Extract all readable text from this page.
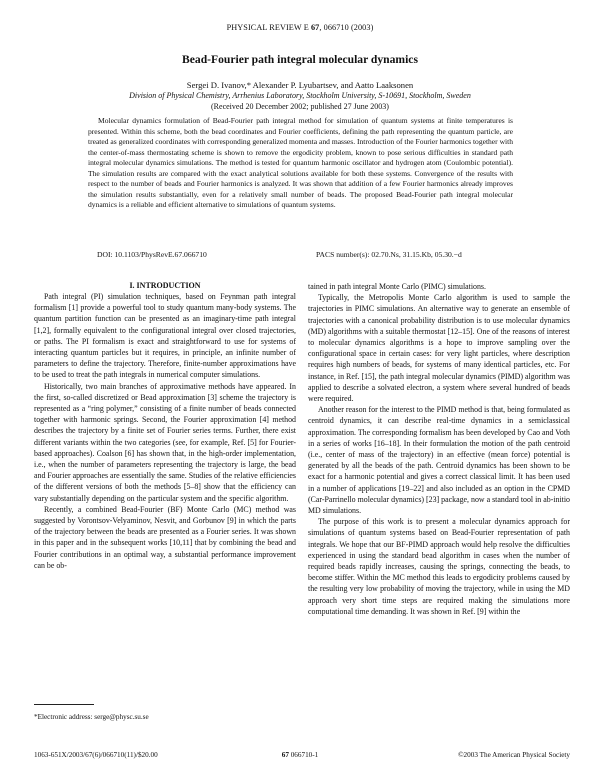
PHYSICAL REVIEW E 67, 066710 (2003)
Bead-Fourier path integral molecular dynamics
Sergei D. Ivanov,* Alexander P. Lyubartsev, and Aatto Laaksonen
Division of Physical Chemistry, Arrhenius Laboratory, Stockholm University, S-10691, Stockholm, Sweden
(Received 20 December 2002; published 27 June 2003)

Molecular dynamics formulation of Bead-Fourier path integral method for simulation of quantum systems at finite temperatures is presented. Within this scheme, both the bead coordinates and Fourier coefficients, defining the path representing the quantum particle, are treated as generalized coordinates with corresponding generalized momenta and masses. Introduction of the Fourier harmonics together with the center-of-mass thermostating scheme is shown to remove the ergodicity problem, known to pose serious difficulties in standard path integral molecular dynamics simulations. The method is tested for quantum harmonic oscillator and hydrogen atom (Coulombic potential). The simulation results are compared with the exact analytical solutions available for both these systems. Convergence of the results with respect to the number of beads and Fourier harmonics is analyzed. It was shown that addition of a few Fourier harmonics already improves the simulation results substantially, even for a relatively small number of beads. The proposed Bead-Fourier path integral molecular dynamics is a reliable and efficient alternative to simulations of quantum systems.

DOI: 10.1103/PhysRevE.67.066710	PACS number(s): 02.70.Ns, 31.15.Kb, 05.30.−d
I. INTRODUCTION

Path integral (PI) simulation techniques, based on Feynman path integral formalism [1] provide a powerful tool to study quantum many-body systems. The quantum partition function can be presented as an imaginary-time path integral [1,2], formally equivalent to the configurational integral over closed trajectories, or paths. The PI formalism is exact and straightforward to use for systems of interacting quantum particles but it requires, in principle, an infinite number of parameters to define the trajectory. Therefore, finite-number approximations have to be used to treat the path integrals in numerical computer simulations.

Historically, two main branches of approximative methods have appeared. In the first, so-called discretized or Bead approximation [3] scheme the trajectory is represented as a “ring polymer,” consisting of a finite number of beads connected together with harmonic springs. Second, the Fourier approximation [4] method describes the trajectory by a finite set of Fourier series terms. Further, there exist different variants within the two categories (see, for example, Ref. [5] for Fourier-based approaches). Coalson [6] has shown that, in the high-order implementation, i.e., when the number of parameters representing the trajectory is large, the bead and Fourier approaches are essentially the same. Studies of the relative efficiencies of the different versions of both the methods [5–8] show that the efficiency can vary substantially depending on the particular system and the specific algorithm.

Recently, a combined Bead-Fourier (BF) Monte Carlo (MC) method was suggested by Vorontsov-Velyaminov, Nesvit, and Gorbunov [9] in which the parts of the trajectory between the beads are presented as a Fourier series. It was shown in this paper and in the subsequent works [10,11] that by combining the bead and Fourier contributions in an optimal way, a substantial performance improvement can be ob-

tained in path integral Monte Carlo (PIMC) simulations.

Typically, the Metropolis Monte Carlo algorithm is used to sample the trajectories in PIMC simulations. An alternative way to generate an ensemble of trajectories with a canonical probability distribution is to use molecular dynamics (MD) algorithms with a suitable thermostat [12–15]. One of the reasons of interest to molecular dynamics algorithms is a hope to improve sampling over the configurational space in certain cases: for very light particles, where description requires high numbers of beads, for systems of many identical particles, etc. For instance, in Ref. [15], the path integral molecular dynamics (PIMD) algorithm was applied to describe a solvated electron, a system where several hundred of beads were required.

Another reason for the interest to the PIMD method is that, being formulated as centroid dynamics, it can describe real-time dynamics in a semiclassical approximation. The corresponding formalism has been developed by Cao and Voth in a series of works [16–18]. In their formulation the motion of the path centroid (i.e., center of mass of the trajectory) in an effective (mean force) potential is generated by all the beads of the path. Centroid dynamics has been shown to be exact for a harmonic potential and gives a correct classical limit. It has been used in a number of applications [19–22] and also included as an option in the CPMD (Car-Parrinello molecular dynamics) [23] package, now a standard tool in ab-initio MD simulations.

The purpose of this work is to present a molecular dynamics approach for simulations of quantum systems based on Bead-Fourier representation of path integrals. We hope that our BF-PIMD approach would help resolve the difficulties experienced in using the standard bead algorithm in cases when the number of required beads rapidly increases, causing the springs, connecting the beads, to become stiffer. Within the MC method this leads to ergodicity problems caused by the resulting very low probability of moving the trajectory, while in using the MD approach very short time steps are required making the simulations more computational time demanding. It was shown in Ref. [9] within the

*Electronic address: serge@physc.su.se
1063-651X/2003/67(6)/066710(11)/$20.00	67 066710-1	©2003 The American Physical Society
